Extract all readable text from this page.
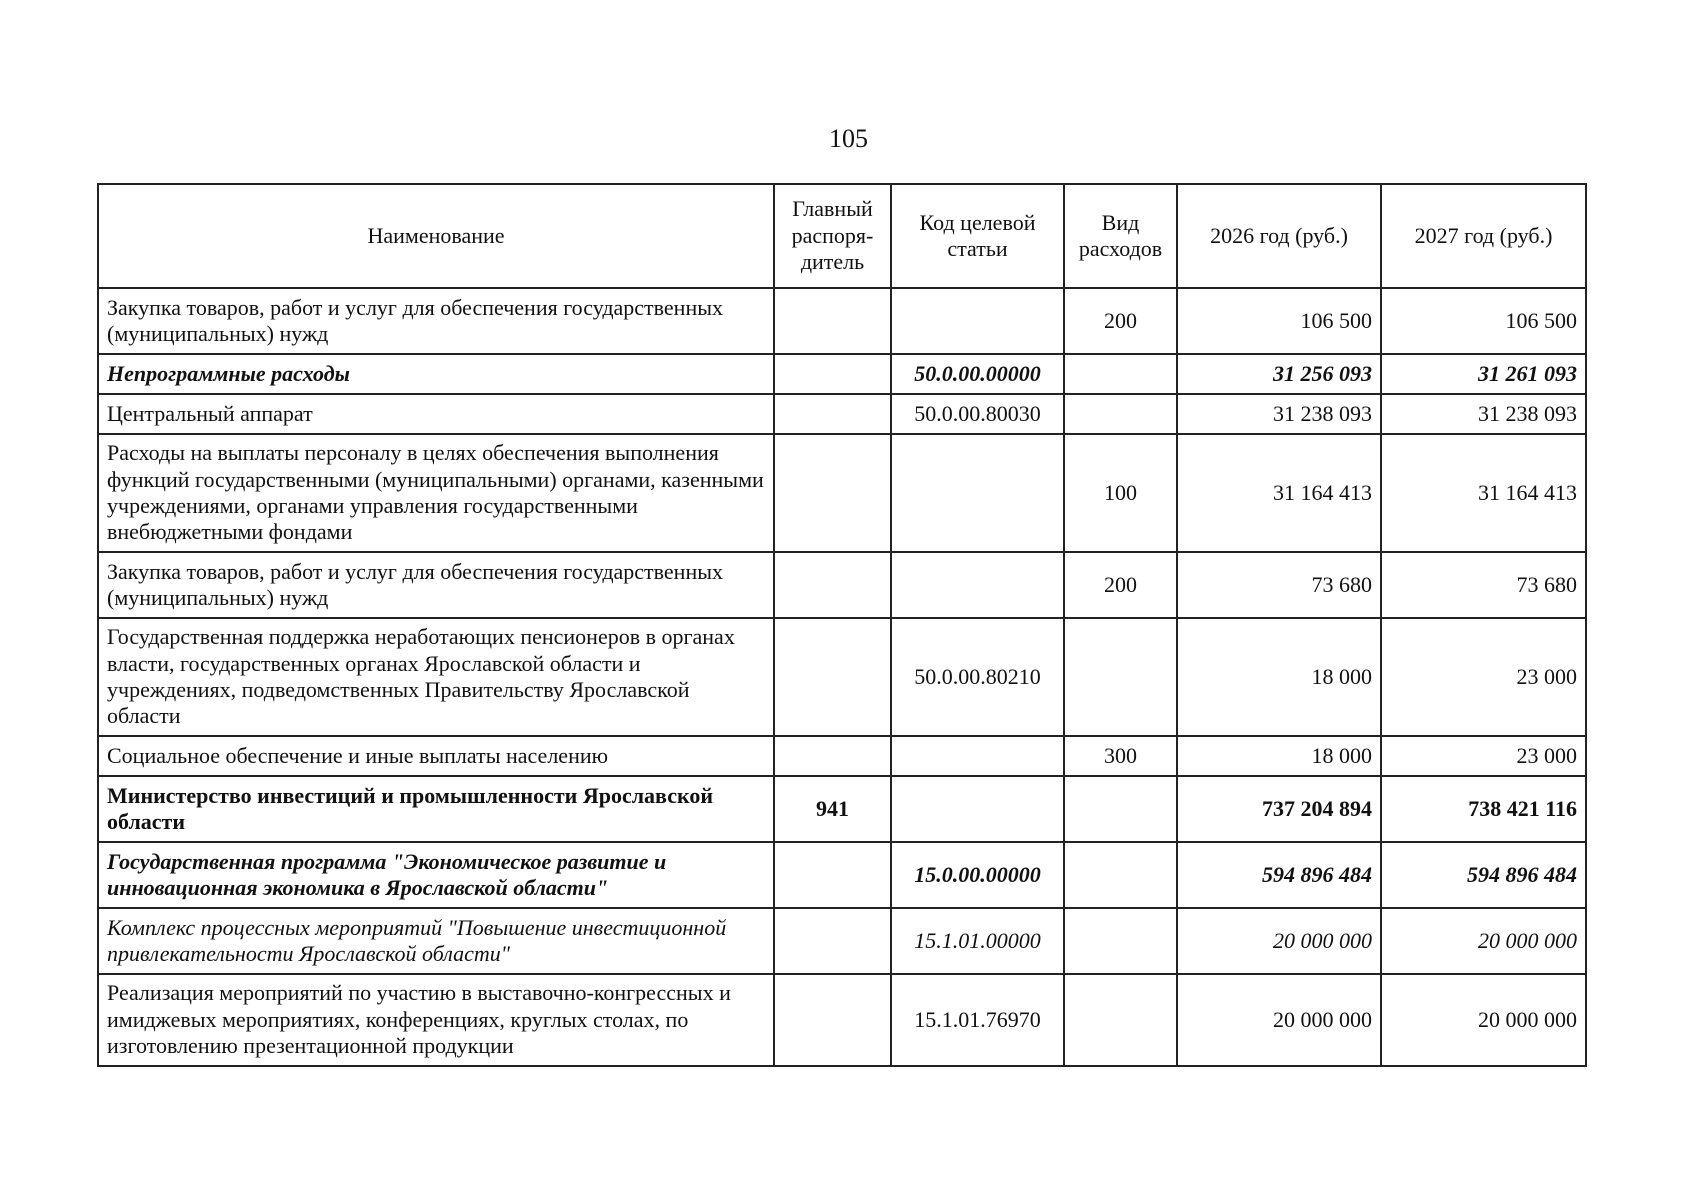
105
Наименование	Главный распоря-дитель	Код целевой статьи	Вид расходов	2026 год (руб.)	2027 год (руб.)
Закупка товаров, работ и услуг для обеспечения государственных (муниципальных) нужд			200	106 500	106 500
Непрограммные расходы		50.0.00.00000		31 256 093	31 261 093
Центральный аппарат		50.0.00.80030		31 238 093	31 238 093
Расходы на выплаты персоналу в целях обеспечения выполнения функций государственными (муниципальными) органами, казенными учреждениями, органами управления государственными внебюджетными фондами			100	31 164 413	31 164 413
Закупка товаров, работ и услуг для обеспечения государственных (муниципальных) нужд			200	73 680	73 680
Государственная поддержка неработающих пенсионеров в органах власти, государственных органах Ярославской области и учреждениях, подведомственных Правительству Ярославской области		50.0.00.80210		18 000	23 000
Социальное обеспечение и иные выплаты населению			300	18 000	23 000
Министерство инвестиций и промышленности Ярославской области	941			737 204 894	738 421 116
Государственная программа "Экономическое развитие и инновационная экономика в Ярославской области"		15.0.00.00000		594 896 484	594 896 484
Комплекс процессных мероприятий "Повышение инвестиционной привлекательности Ярославской области"		15.1.01.00000		20 000 000	20 000 000
Реализация мероприятий по участию в выставочно-конгрессных и имиджевых мероприятиях, конференциях, круглых столах, по изготовлению презентационной продукции		15.1.01.76970		20 000 000	20 000 000
